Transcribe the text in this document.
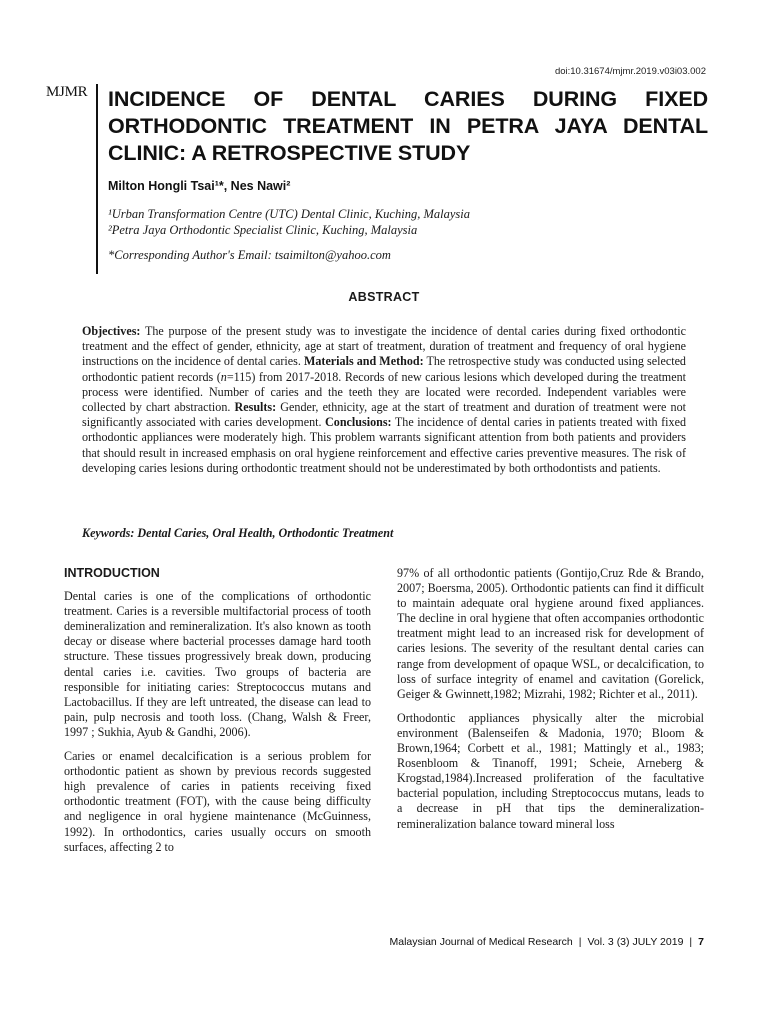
doi:10.31674/mjmr.2019.v03i03.002
MJMR INCIDENCE OF DENTAL CARIES DURING FIXED ORTHODONTIC TREATMENT IN PETRA JAYA DENTAL CLINIC: A RETROSPECTIVE STUDY
Milton Hongli Tsai¹*, Nes Nawi²
¹Urban Transformation Centre (UTC) Dental Clinic, Kuching, Malaysia
²Petra Jaya Orthodontic Specialist Clinic, Kuching, Malaysia
*Corresponding Author's Email: tsaimilton@yahoo.com
ABSTRACT
Objectives: The purpose of the present study was to investigate the incidence of dental caries during fixed orthodontic treatment and the effect of gender, ethnicity, age at start of treatment, duration of treatment and frequency of oral hygiene instructions on the incidence of dental caries. Materials and Method: The retrospective study was conducted using selected orthodontic patient records (n=115) from 2017-2018. Records of new carious lesions which developed during the treatment process were identified. Number of caries and the teeth they are located were recorded. Independent variables were collected by chart abstraction. Results: Gender, ethnicity, age at the start of treatment and duration of treatment were not significantly associated with caries development. Conclusions: The incidence of dental caries in patients treated with fixed orthodontic appliances were moderately high. This problem warrants significant attention from both patients and providers that should result in increased emphasis on oral hygiene reinforcement and effective caries preventive measures. The risk of developing caries lesions during orthodontic treatment should not be underestimated by both orthodontists and patients.
Keywords: Dental Caries, Oral Health, Orthodontic Treatment
INTRODUCTION

Dental caries is one of the complications of orthodontic treatment. Caries is a reversible multifactorial process of tooth demineralization and remineralization. It's also known as tooth decay or disease where bacterial processes damage hard tooth structure. These tissues progressively break down, producing dental caries i.e. cavities. Two groups of bacteria are responsible for initiating caries: Streptococcus mutans and Lactobacillus. If they are left untreated, the disease can lead to pain, pulp necrosis and tooth loss. (Chang, Walsh & Freer, 1997 ; Sukhia, Ayub & Gandhi, 2006).

Caries or enamel decalcification is a serious problem for orthodontic patient as shown by previous records suggested high prevalence of caries in patients receiving fixed orthodontic treatment (FOT), with the cause being difficulty and negligence in oral hygiene maintenance (McGuinness, 1992). In orthodontics, caries usually occurs on smooth surfaces, affecting 2 to

97% of all orthodontic patients (Gontijo,Cruz Rde & Brando, 2007; Boersma, 2005). Orthodontic patients can find it difficult to maintain adequate oral hygiene around fixed appliances. The decline in oral hygiene that often accompanies orthodontic treatment might lead to an increased risk for development of caries lesions. The severity of the resultant dental caries can range from development of opaque WSL, or decalcification, to loss of surface integrity of enamel and cavitation (Gorelick, Geiger & Gwinnett,1982; Mizrahi, 1982; Richter et al., 2011).

Orthodontic appliances physically alter the microbial environment (Balenseifen & Madonia, 1970; Bloom & Brown,1964; Corbett et al., 1981; Mattingly et al., 1983; Rosenbloom & Tinanoff, 1991; Scheie, Arneberg & Krogstad,1984).Increased proliferation of the facultative bacterial population, including Streptococcus mutans, leads to a decrease in pH that tips the demineralization-remineralization balance toward mineral loss

Malaysian Journal of Medical Research | Vol. 3 (3) JULY 2019 | 7
